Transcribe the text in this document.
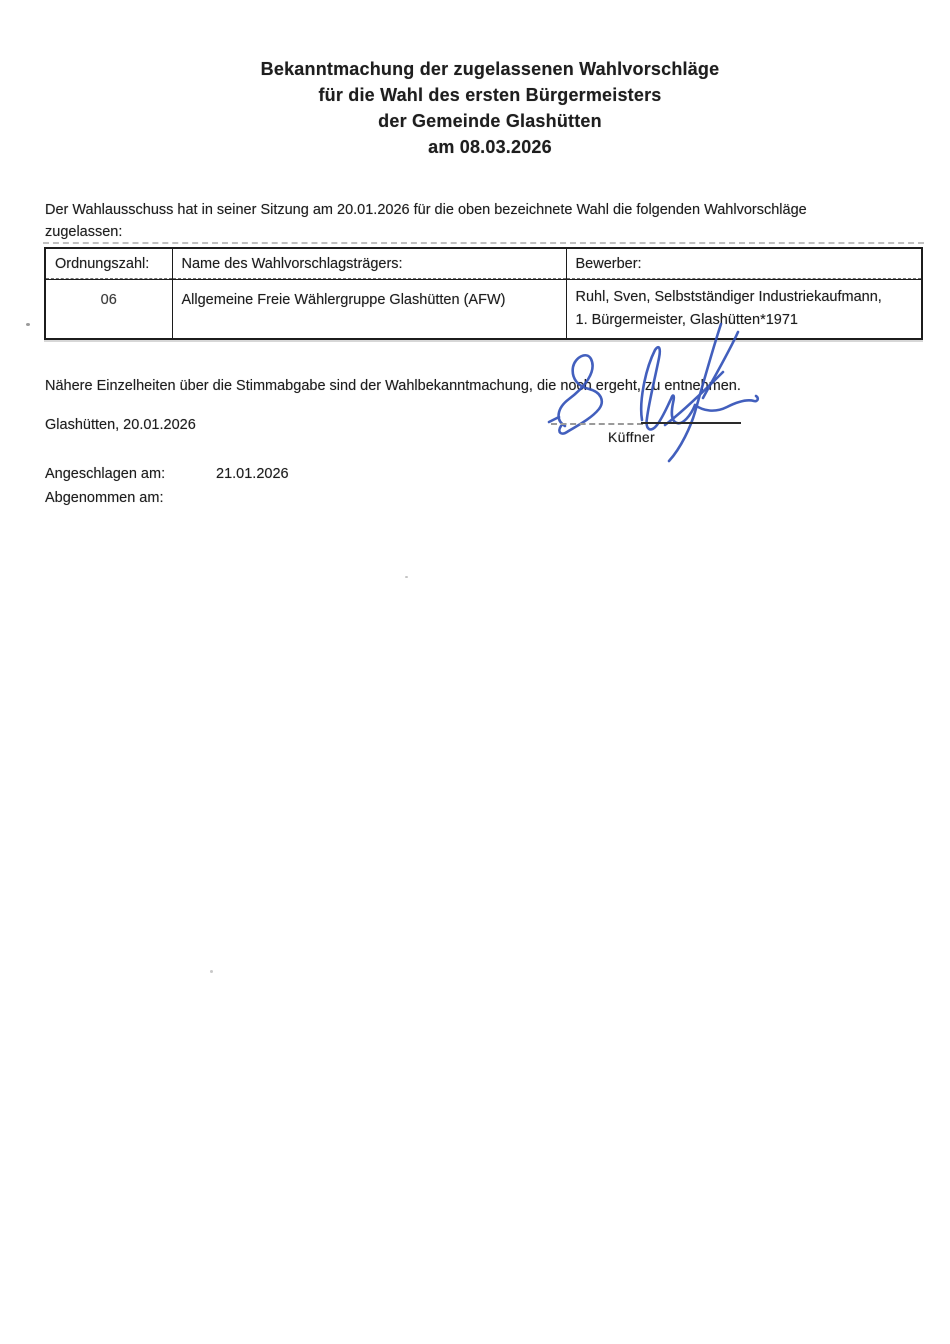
Bekanntmachung der zugelassenen Wahlvorschläge
für die Wahl des ersten Bürgermeisters
der Gemeinde Glashütten
am 08.03.2026

Der Wahlausschuss hat in seiner Sitzung am 20.01.2026 für die oben bezeichnete Wahl die folgenden Wahlvorschläge
zugelassen:

Ordnungszahl:	Name des Wahlvorschlagsträgers:	Bewerber:
06	Allgemeine Freie Wählergruppe Glashütten (AFW)	Ruhl, Sven, Selbstständiger Industriekaufmann,
1. Bürgermeister, Glashütten*1971

Nähere Einzelheiten über die Stimmabgabe sind der Wahlbekanntmachung, die noch ergeht, zu entnehmen.

Glashütten, 20.01.2026

Küffner
Angeschlagen am:	21.01.2026
Abgenommen am:
